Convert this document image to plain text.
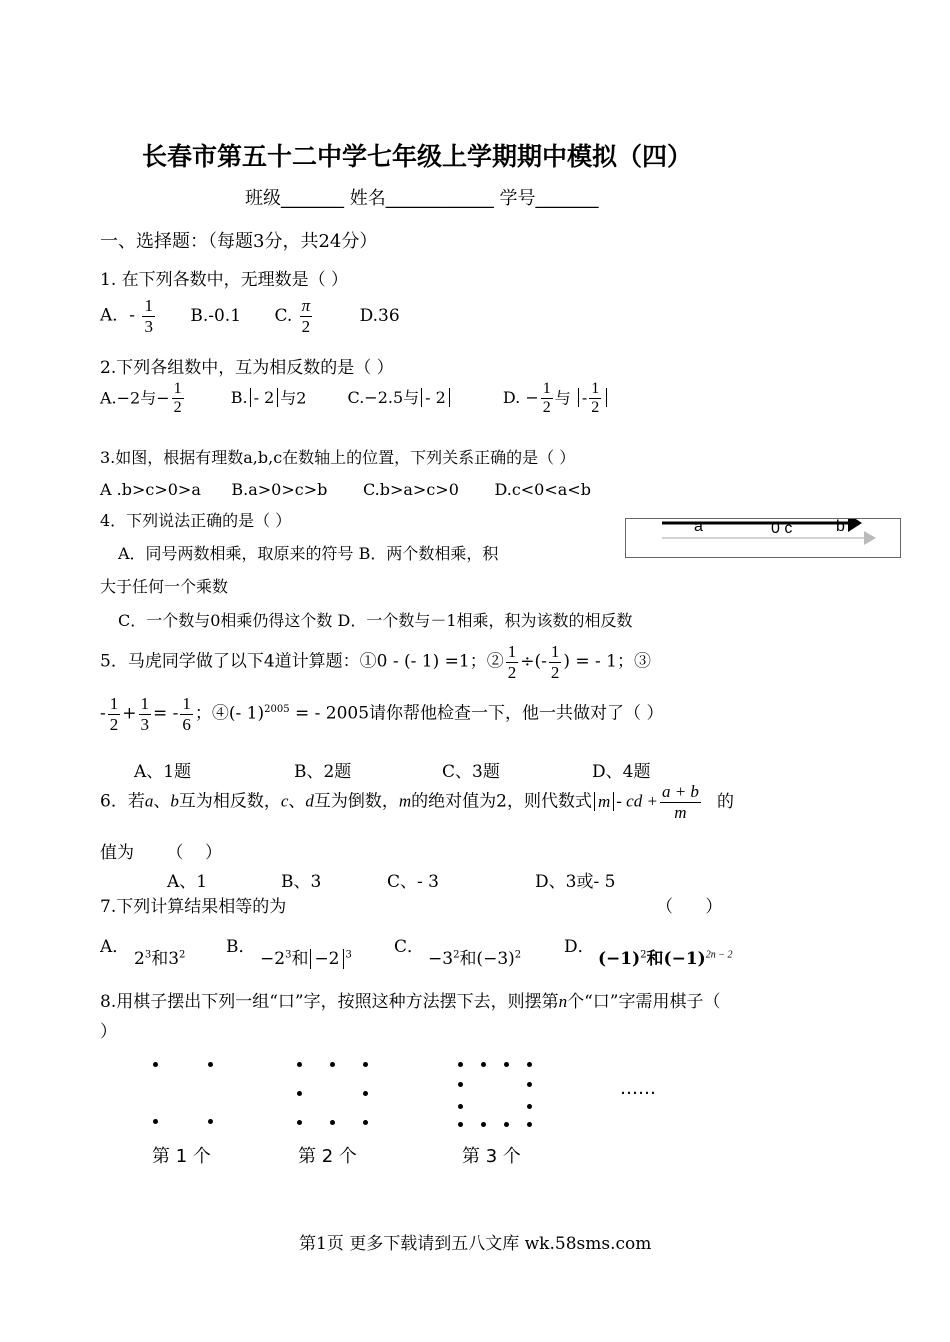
长春市第五十二中学七年级上学期期中模拟（四）
班级_______ 姓名____________ 学号_______
一、选择题：（每题3分，共24分）
1. 在下列各数中，无理数是（ ）
A．- $\frac{1}{3} B.-0.1$ C. $\frac{\pi}{2}$	D.36
2.下列各组数中，互为相反数的是（ ）
A.−2与− $\frac{1}{2}$	B. - 2 与2	C.−2.5与 - 2	D. − $\frac{1}{2}$ 与 - $\frac{1}{2}$
3.如图，根据有理数a,b,c在数轴上的位置，下列关系正确的是（ ）
A .b>c>0>a      B.a>0>c>b       C.b>a>c>0       D.c<0<a<b
a	0 c	b
4．下列说法正确的是（ ）
A．同号两数相乘，取原来的符号 B．两个数相乘，积
大于任何一个乘数
C．一个数与0相乘仍得这个数 D．一个数与－1相乘，积为该数的相反数
5．马虎同学做了以下4道计算题：①0 - (- 1) =1；② $\frac{1}{2}$ ÷(- $\frac{1}{2}$ ) = - 1；③
- $\frac{1}{2} + \frac{1}{3}$ = - $\frac{1}{6}$ ；④(- 1)$^{2005}$ = - 2005请你帮他检查一下，他一共做对了（ ）
A、1题	B、2题	C、3题	D、4题
6．若a、b互为相反数，c、d互为倒数，m的绝对值为2，则代数式 m - cd + $\frac{a + b}{m}$ 的
值为      （    ）
A、1	B、3	C、- 3	D、3或- 5
7.下列计算结果相等的为	（      ）
A．
$2^3$和$3^2$ B．
$-2^3$和 −2 $^3$ C．
$-3^2$和$(-3)^2$	D．
$(-1)^2$和$(-1)^{2n - 2}$
8.用棋子摆出下列一组“口”字，按照这种方法摆下去，则摆第n个“口”字需用棋子（
）
……
第 1 个	第 2 个	第 3 个
第1页 更多下载请到五八文库 wk.58sms.com
